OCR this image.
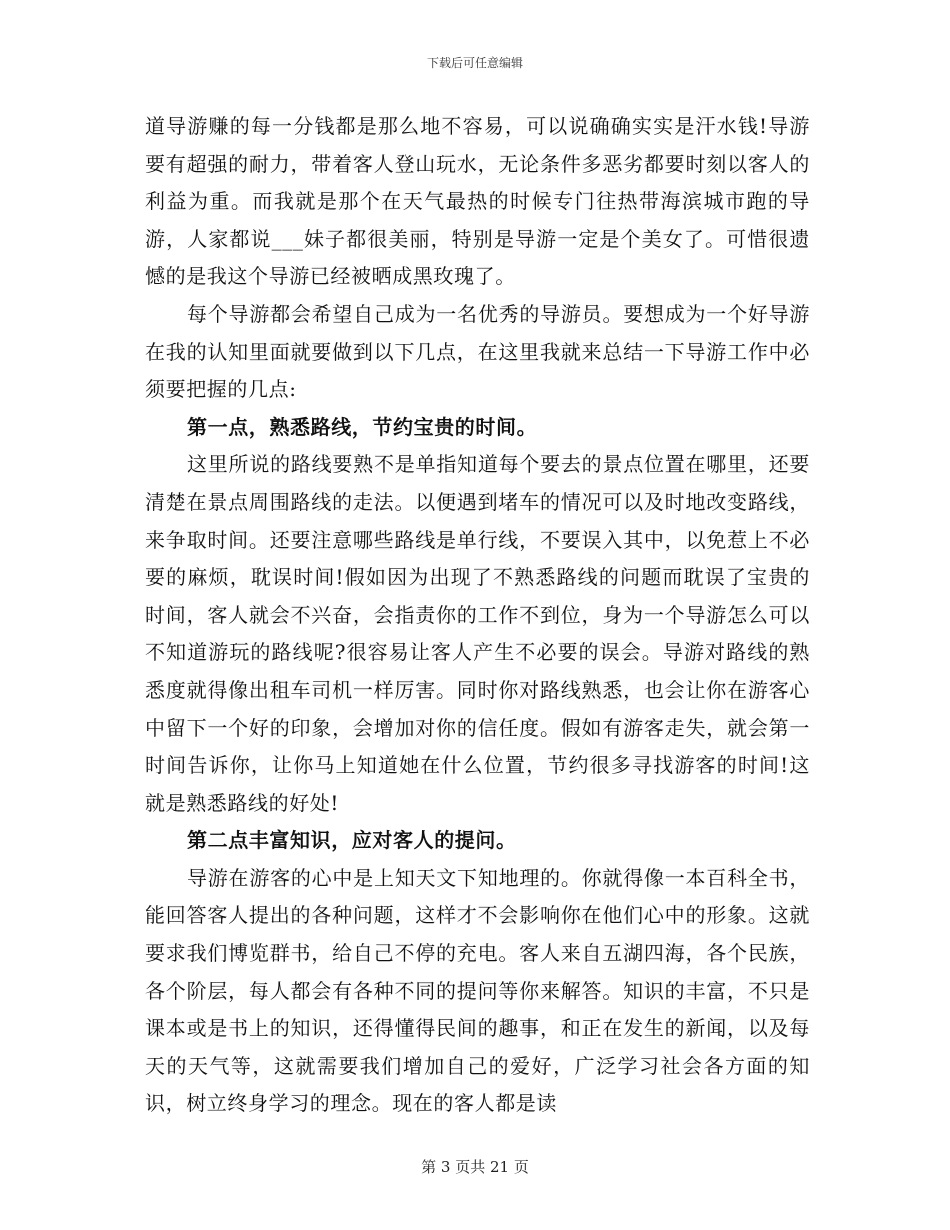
下载后可任意编辑

道导游赚的每一分钱都是那么地不容易，可以说确确实实是汗水钱!导游要有超强的耐力，带着客人登山玩水，无论条件多恶劣都要时刻以客人的利益为重。而我就是那个在天气最热的时候专门往热带海滨城市跑的导游，人家都说___妹子都很美丽，特别是导游一定是个美女了。可惜很遗憾的是我这个导游已经被晒成黑玫瑰了。

每个导游都会希望自己成为一名优秀的导游员。要想成为一个好导游在我的认知里面就要做到以下几点，在这里我就来总结一下导游工作中必须要把握的几点:

第一点，熟悉路线，节约宝贵的时间。

这里所说的路线要熟不是单指知道每个要去的景点位置在哪里，还要清楚在景点周围路线的走法。以便遇到堵车的情况可以及时地改变路线，来争取时间。还要注意哪些路线是单行线，不要误入其中，以免惹上不必要的麻烦，耽误时间!假如因为出现了不熟悉路线的问题而耽误了宝贵的时间，客人就会不兴奋，会指责你的工作不到位，身为一个导游怎么可以不知道游玩的路线呢?很容易让客人产生不必要的误会。导游对路线的熟悉度就得像出租车司机一样厉害。同时你对路线熟悉，也会让你在游客心中留下一个好的印象，会增加对你的信任度。假如有游客走失，就会第一时间告诉你，让你马上知道她在什么位置，节约很多寻找游客的时间!这就是熟悉路线的好处!

第二点丰富知识，应对客人的提问。

导游在游客的心中是上知天文下知地理的。你就得像一本百科全书，能回答客人提出的各种问题，这样才不会影响你在他们心中的形象。这就要求我们博览群书，给自己不停的充电。客人来自五湖四海，各个民族，各个阶层，每人都会有各种不同的提问等你来解答。知识的丰富，不只是课本或是书上的知识，还得懂得民间的趣事，和正在发生的新闻，以及每天的天气等，这就需要我们增加自己的爱好，广泛学习社会各方面的知识，树立终身学习的理念。现在的客人都是读

第 3 页共 21 页
